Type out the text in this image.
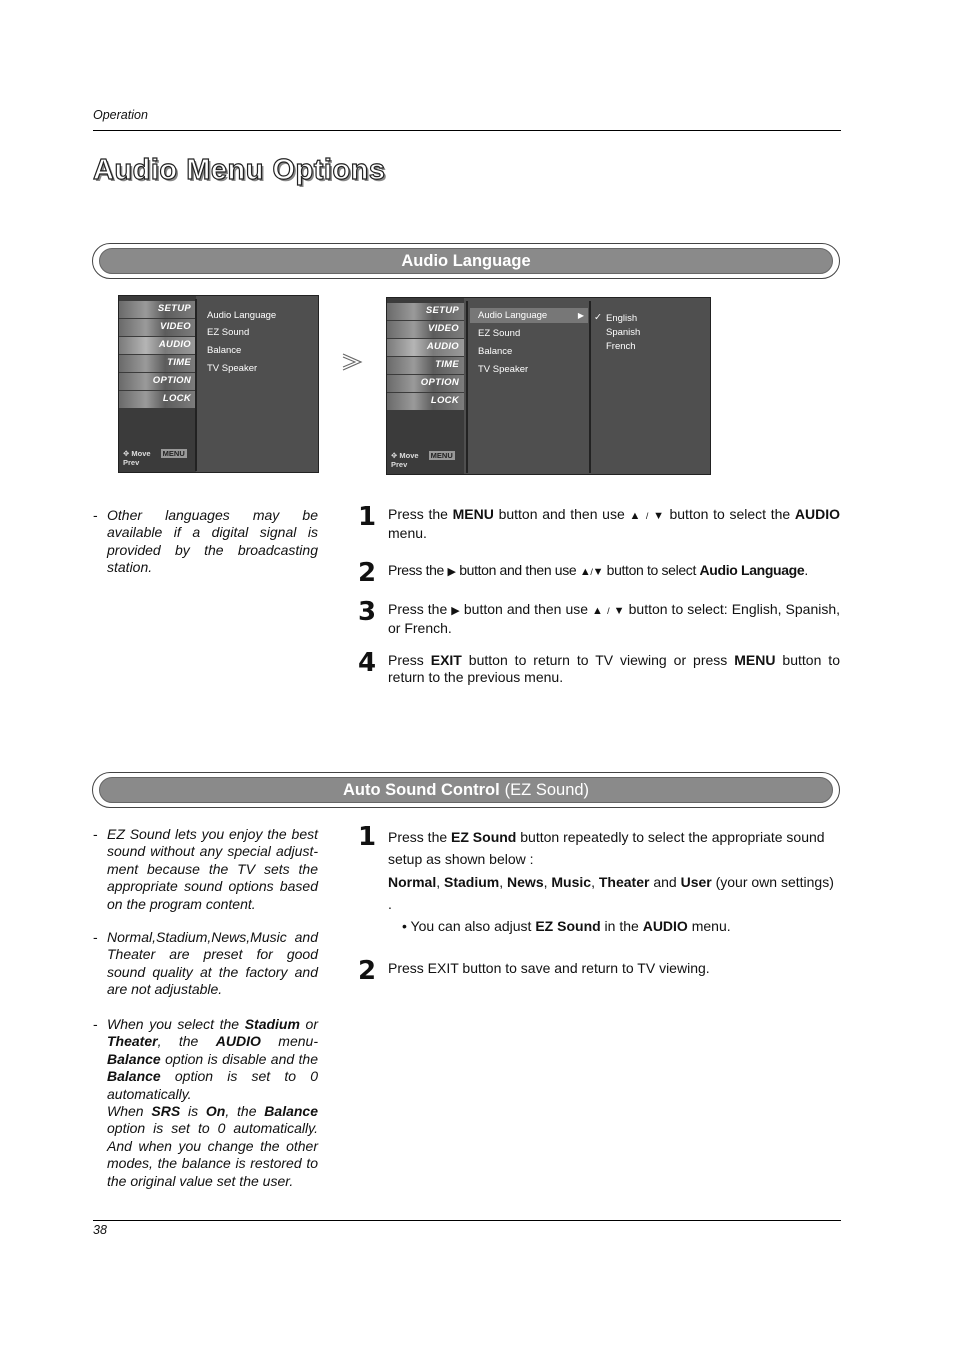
Operation
Audio Menu Options
Audio Language
SETUP
VIDEO
AUDIO
TIME
OPTION
LOCK
✥ Move MENU Prev
Audio Language
EZ Sound
Balance
TV Speaker
SETUP
VIDEO
AUDIO
TIME
OPTION
LOCK
✥ Move MENU Prev
Audio Language	▶
EZ Sound
Balance
TV Speaker
✓ English
Spanish
French
- Other languages may be available if a digital signal is provided by the broadcasting station.
1 Press the MENU button and then use ▲ / ▼ button to select the AUDIO menu.
2 Press the ▶ button and then use ▲/▼ button to select Audio Language.
3 Press the ▶ button and then use ▲ / ▼ button to select: English, Spanish, or French.
4 Press EXIT button to return to TV viewing or press MENU button to return to the previous menu.
Auto Sound Control (EZ Sound)
- EZ Sound lets you enjoy the best sound without any special adjust-ment because the TV sets the appropriate sound options based on the program content.
- Normal,Stadium,News,Music and Theater are preset for good sound quality at the factory and are not adjustable.
- When you select the Stadium or Theater, the AUDIO menu-Balance option is disable and the Balance option is set to 0 automatically.
When SRS is On, the Balance option is set to 0 automatically. And when you change the other modes, the balance is restored to the original value set the user.
1 Press the EZ Sound button repeatedly to select the appropriate sound setup as shown below :
Normal, Stadium, News, Music, Theater and User (your own settings) .
• You can also adjust EZ Sound in the AUDIO menu.
2 Press EXIT button to save and return to TV viewing.
38
